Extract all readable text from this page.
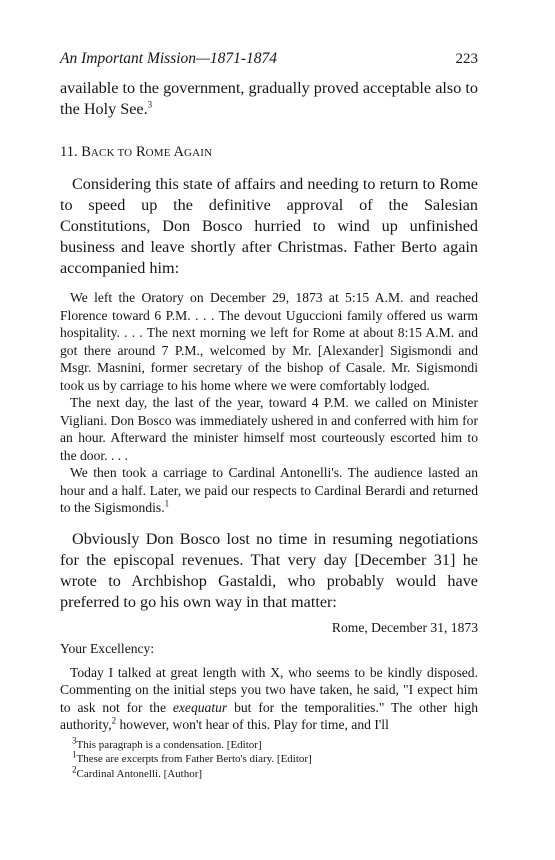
An Important Mission—1871-1874	223

available to the government, gradually proved acceptable also to the Holy See.$^3$

11. BACK TO ROME AGAIN

Considering this state of affairs and needing to return to Rome to speed up the definitive approval of the Salesian Constitutions, Don Bosco hurried to wind up unfinished business and leave shortly after Christmas. Father Berto again accompanied him:

We left the Oratory on December 29, 1873 at 5:15 A.M. and reached Florence toward 6 P.M. . . . The devout Uguccioni family offered us warm hospitality. . . . The next morning we left for Rome at about 8:15 A.M. and got there around 7 P.M., welcomed by Mr. [Alexander] Sigismondi and Msgr. Masnini, former secretary of the bishop of Casale. Mr. Sigismondi took us by carriage to his home where we were comfortably lodged.

The next day, the last of the year, toward 4 P.M. we called on Minister Vigliani. Don Bosco was immediately ushered in and conferred with him for an hour. Afterward the minister himself most courteously escorted him to the door. . . .

We then took a carriage to Cardinal Antonelli's. The audience lasted an hour and a half. Later, we paid our respects to Cardinal Berardi and returned to the Sigismondis.$^1$

Obviously Don Bosco lost no time in resuming negotiations for the episcopal revenues. That very day [December 31] he wrote to Archbishop Gastaldi, who probably would have preferred to go his own way in that matter:

Rome, December 31, 1873
Your Excellency:

Today I talked at great length with X, who seems to be kindly disposed. Commenting on the initial steps you two have taken, he said, "I expect him to ask not for the exequatur but for the temporalities." The other high authority,$^2$ however, won't hear of this. Play for time, and I'll

$^3$This paragraph is a condensation. [Editor]
$^1$These are excerpts from Father Berto's diary. [Editor]
$^2$Cardinal Antonelli. [Author]
